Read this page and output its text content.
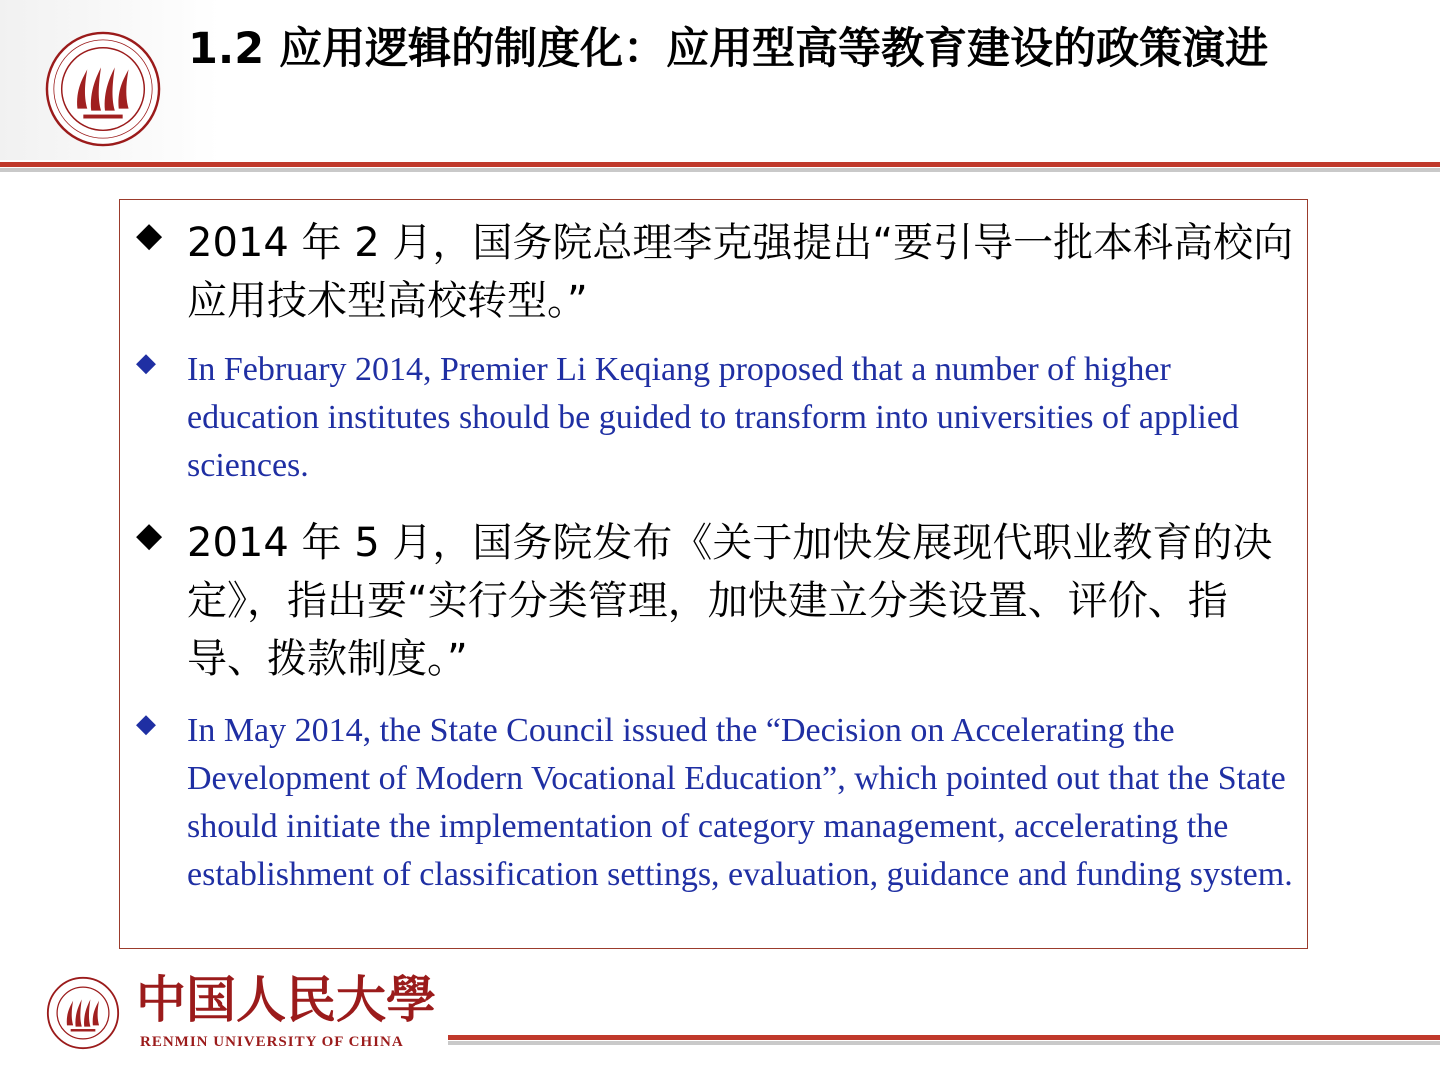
1.2 应用逻辑的制度化：应用型高等教育建设的政策演进
◆ 2014 年 2 月，国务院总理李克强提出“要引导一批本科高校向应用技术型高校转型。”

◆ In February 2014, Premier Li Keqiang proposed that a number of higher education institutes should be guided to transform into universities of applied sciences.

◆ 2014 年 5 月，国务院发布《关于加快发展现代职业教育的决定》，指出要“实行分类管理，加快建立分类设置、评价、指导、拨款制度。”

◆ In May 2014, the State Council issued the “Decision on Accelerating the Development of Modern Vocational Education”, which pointed out that the State should initiate the implementation of category management, accelerating the establishment of classification settings, evaluation, guidance and funding system.

中国人民大學
RENMIN UNIVERSITY OF CHINA
